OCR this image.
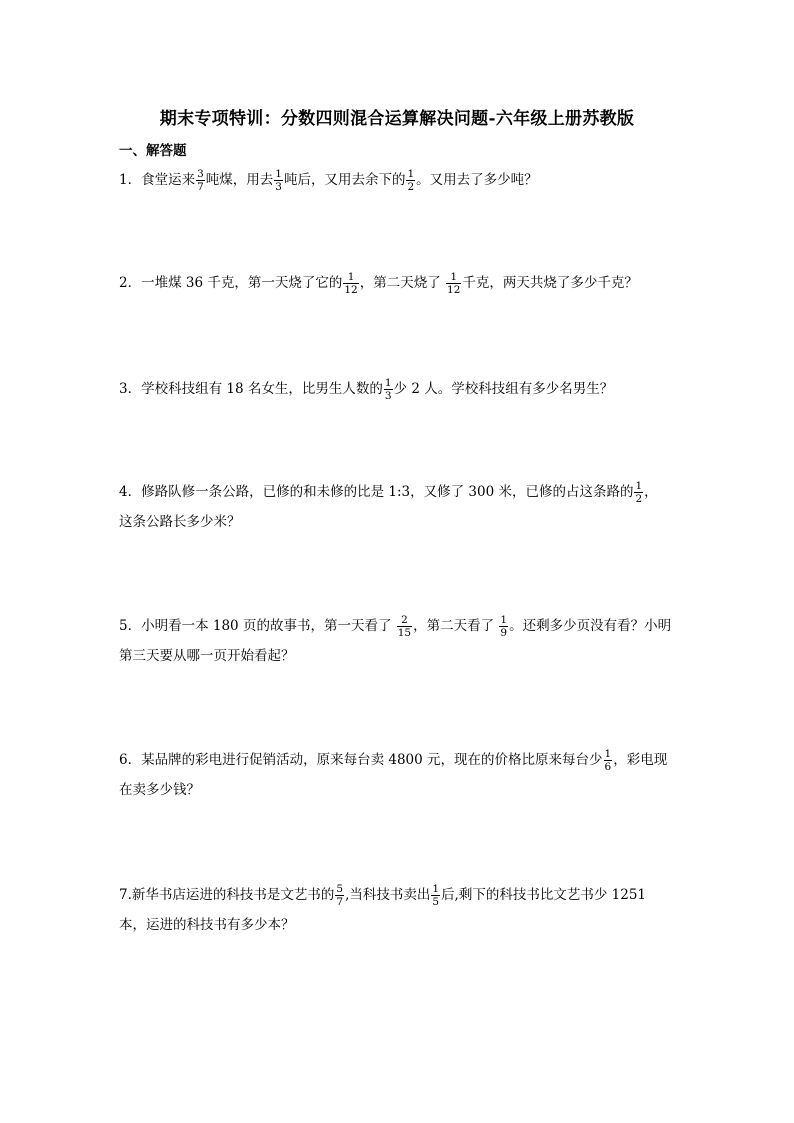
期末专项特训：分数四则混合运算解决问题-六年级上册苏教版
一、解答题
1．食堂运来 $\frac{3}{7}$ 吨煤，用去 $\frac{1}{3}$ 吨后，又用去余下的 $\frac{1}{2}$ 。又用去了多少吨？
2．一堆煤 36 千克，第一天烧了它的 $\frac{1}{12}$ ，第二天烧了 $\frac{1}{12}$ 千克，两天共烧了多少千克？
3．学校科技组有 18 名女生，比男生人数的 $\frac{1}{3}$ 少 2 人。学校科技组有多少名男生？
4．修路队修一条公路，已修的和未修的比是 1:3，又修了 300 米，已修的占这条路的 $\frac{1}{2}$ ，
这条公路长多少米？
5．小明看一本 180 页的故事书，第一天看了 $\frac{2}{15}$ ，第二天看了 $\frac{1}{9}$ 。还剩多少页没有看？小明
第三天要从哪一页开始看起？
6．某品牌的彩电进行促销活动，原来每台卖 4800 元，现在的价格比原来每台少 $\frac{1}{6}$ ，彩电现
在卖多少钱？
7.新华书店运进的科技书是文艺书的 $\frac{5}{7}$ ,当科技书卖出 $\frac{1}{5}$ 后,剩下的科技书比文艺书少 1251
本，运进的科技书有多少本？
